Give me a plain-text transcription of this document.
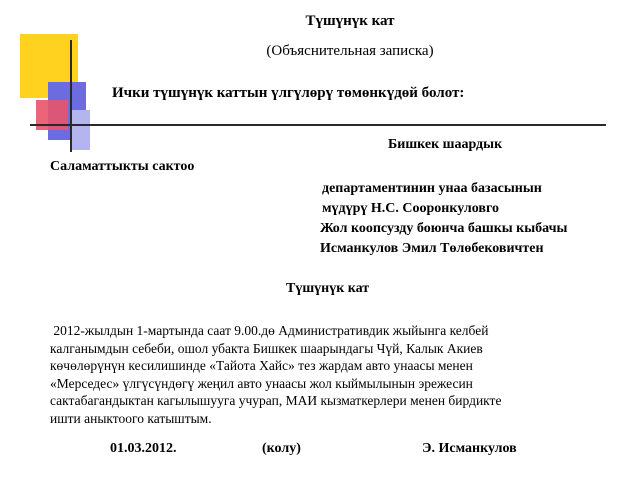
Түшүнүк кат
(Объяснительная записка)
Ички түшүнүк каттын үлгүлөрү төмөнкүдөй болот:
Бишкек шаардык
Саламаттыкты сактоо
департаментинин унаа базасынын
мүдүрү Н.С. Cооронкуловго
Жол коопсузду боюнча башкы кыбачы
Исманкулов Эмил Төлөбековичтен
Түшүнүк кат
2012-жылдын 1-мартында саат 9.00.дө Административдик жыйынга келбей
калганымдын себеби, ошол убакта Бишкек шаарындагы Чүй, Калык Акиев
көчөлөрүнүн кесилишинде «Тайота Хайс» тез жардам авто унаасы менен
«Мерседес» үлгүсүндөгү жеңил авто унаасы жол кыймылынын эрежесин
сактабагандыктан кагылышууга учурап, МАИ кызматкерлери менен бирдикте
ишти аныктоого катыштым.
01.03.2012.	(колу)	Э. Исманкулов
